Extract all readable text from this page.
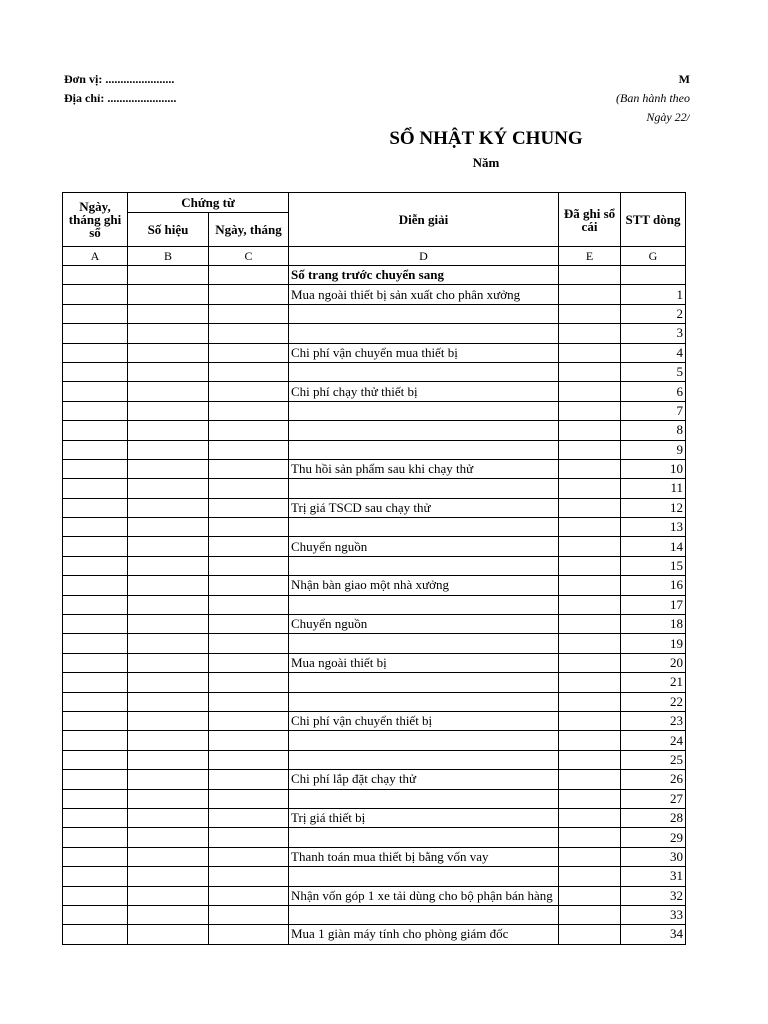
Đơn vị: .......................
Địa chỉ: .......................
M
(Ban hành theo
Ngày 22/
SỔ NHẬT KÝ CHUNG
Năm
Ngày, tháng ghi sổ	Chứng từ		Diễn giải	Đã ghi sổ cái	STT dòng
	Số hiệu	Ngày, tháng			
A	B	C	D	E	G
			Số trang trước chuyển sang		
			Mua ngoài thiết bị sản xuất cho phân xưởng		1
					2
					3
			Chi phí vận chuyển mua thiết bị		4
					5
			Chi phí chạy thử thiết bị		6
					7
					8
					9
			Thu hồi sản phẩm sau khi chạy thử		10
					11
			Trị giá TSCD sau chạy thử		12
					13
			Chuyển nguồn		14
					15
			Nhận bàn giao một nhà xưởng		16
					17
			Chuyển nguồn		18
					19
			Mua ngoài thiết bị		20
					21
					22
			Chi phí vận chuyển thiết bị		23
					24
					25
			Chi phí lắp đặt chạy thử		26
					27
			Trị giá thiết bị		28
					29
			Thanh toán mua thiết bị bằng vốn vay		30
					31
			Nhận vốn góp 1 xe tải dùng cho bộ phận bán hàng		32
					33
			Mua 1 giàn máy tính cho phòng giám đốc		34
